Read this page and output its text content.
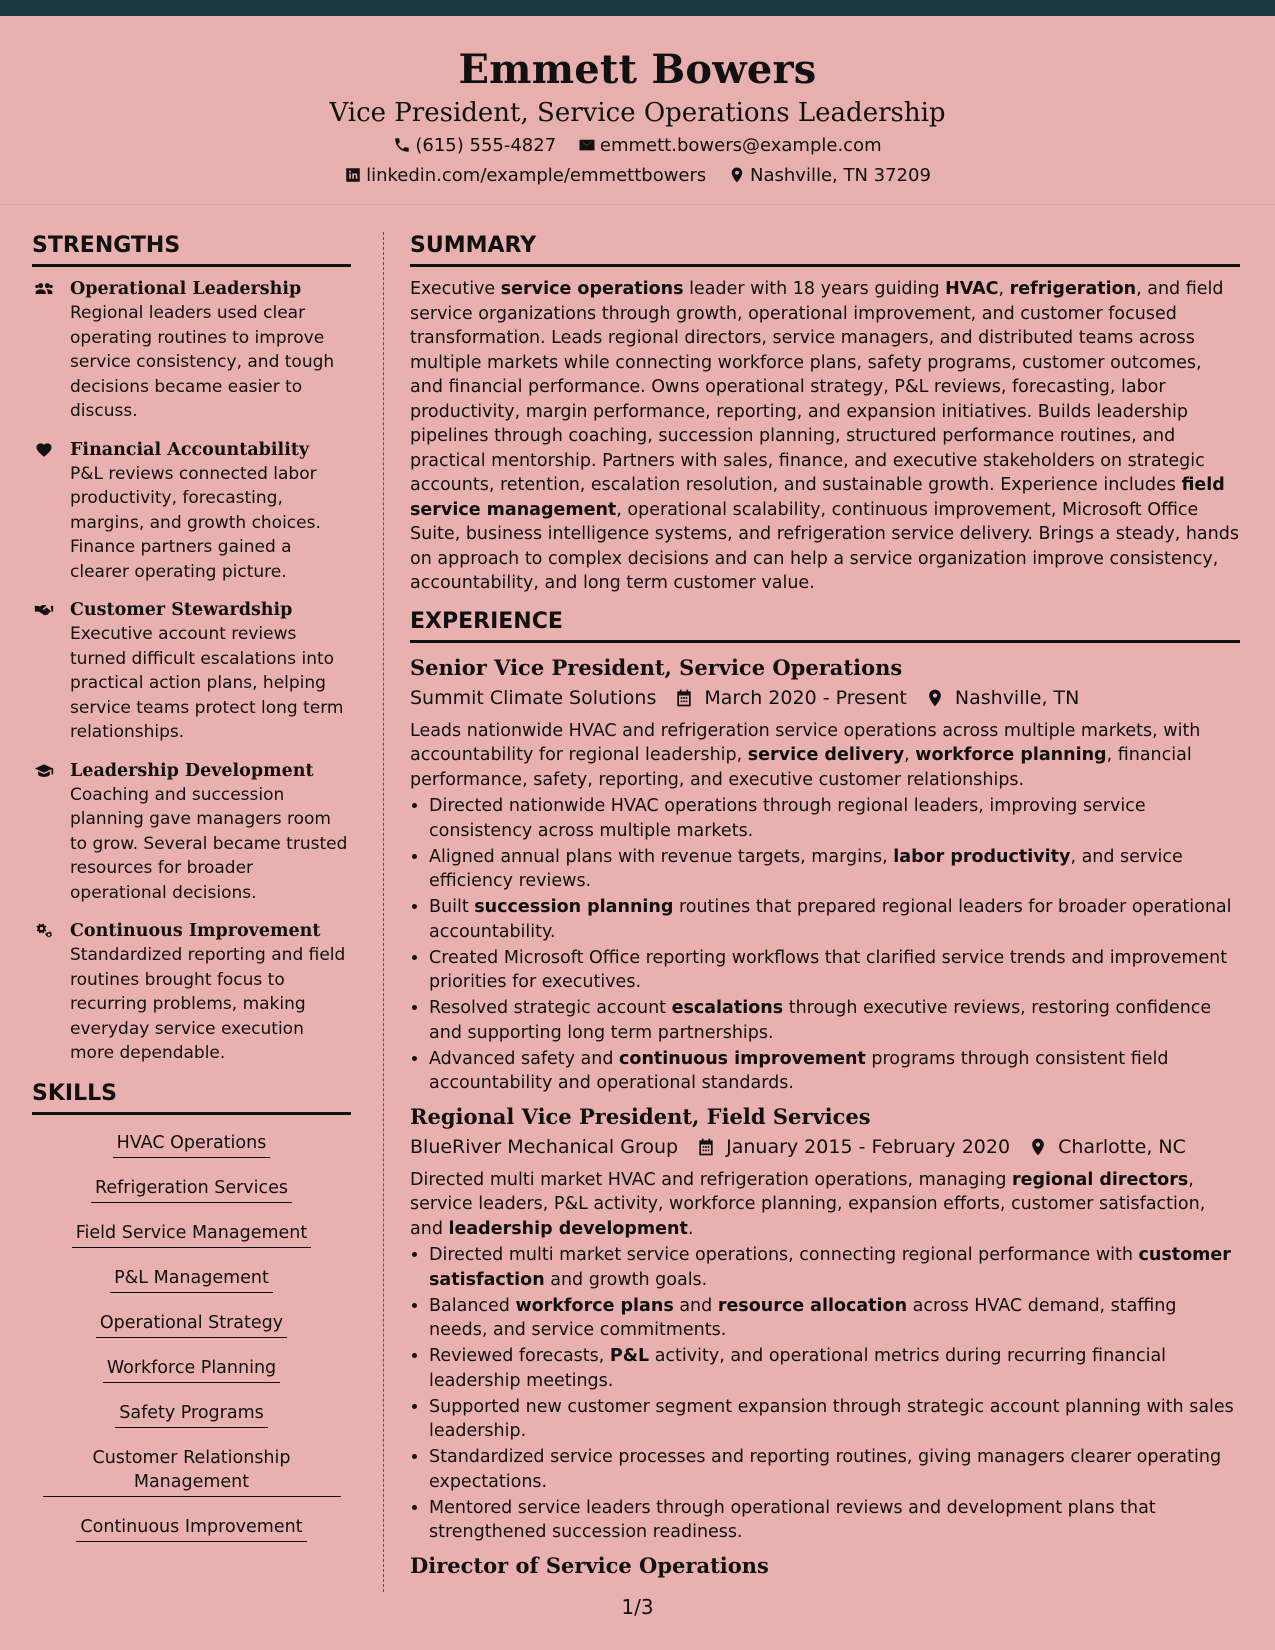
Emmett Bowers
Vice President, Service Operations Leadership
(615) 555-4827 emmett.bowers@example.com
linkedin.com/example/emmettbowers Nashville, TN 37209
STRENGTHS
Operational Leadership
Regional leaders used clear operating routines to improve service consistency, and tough decisions became easier to discuss.
Financial Accountability
P&L reviews connected labor productivity, forecasting, margins, and growth choices. Finance partners gained a clearer operating picture.
Customer Stewardship
Executive account reviews turned difficult escalations into practical action plans, helping service teams protect long term relationships.
Leadership Development
Coaching and succession planning gave managers room to grow. Several became trusted resources for broader operational decisions.
Continuous Improvement
Standardized reporting and field routines brought focus to recurring problems, making everyday service execution more dependable.
SKILLS
HVAC Operations
Refrigeration Services
Field Service Management
P&L Management
Operational Strategy
Workforce Planning
Safety Programs
Customer Relationship Management
Continuous Improvement
SUMMARY
Executive service operations leader with 18 years guiding HVAC, refrigeration, and field service organizations through growth, operational improvement, and customer focused transformation. Leads regional directors, service managers, and distributed teams across multiple markets while connecting workforce plans, safety programs, customer outcomes, and financial performance. Owns operational strategy, P&L reviews, forecasting, labor productivity, margin performance, reporting, and expansion initiatives. Builds leadership pipelines through coaching, succession planning, structured performance routines, and practical mentorship. Partners with sales, finance, and executive stakeholders on strategic accounts, retention, escalation resolution, and sustainable growth. Experience includes field service management, operational scalability, continuous improvement, Microsoft Office Suite, business intelligence systems, and refrigeration service delivery. Brings a steady, hands on approach to complex decisions and can help a service organization improve consistency, accountability, and long term customer value.
EXPERIENCE
Senior Vice President, Service Operations
Summit Climate Solutions	March 2020 - Present	Nashville, TN
Leads nationwide HVAC and refrigeration service operations across multiple markets, with accountability for regional leadership, service delivery, workforce planning, financial performance, safety, reporting, and executive customer relationships.
• Directed nationwide HVAC operations through regional leaders, improving service consistency across multiple markets.
• Aligned annual plans with revenue targets, margins, labor productivity, and service efficiency reviews.
• Built succession planning routines that prepared regional leaders for broader operational accountability.
• Created Microsoft Office reporting workflows that clarified service trends and improvement priorities for executives.
• Resolved strategic account escalations through executive reviews, restoring confidence and supporting long term partnerships.
• Advanced safety and continuous improvement programs through consistent field accountability and operational standards.
Regional Vice President, Field Services
BlueRiver Mechanical Group	January 2015 - February 2020	Charlotte, NC
Directed multi market HVAC and refrigeration operations, managing regional directors, service leaders, P&L activity, workforce planning, expansion efforts, customer satisfaction, and leadership development.
• Directed multi market service operations, connecting regional performance with customer satisfaction and growth goals.
• Balanced workforce plans and resource allocation across HVAC demand, staffing needs, and service commitments.
• Reviewed forecasts, P&L activity, and operational metrics during recurring financial leadership meetings.
• Supported new customer segment expansion through strategic account planning with sales leadership.
• Standardized service processes and reporting routines, giving managers clearer operating expectations.
• Mentored service leaders through operational reviews and development plans that strengthened succession readiness.
Director of Service Operations
1/3
